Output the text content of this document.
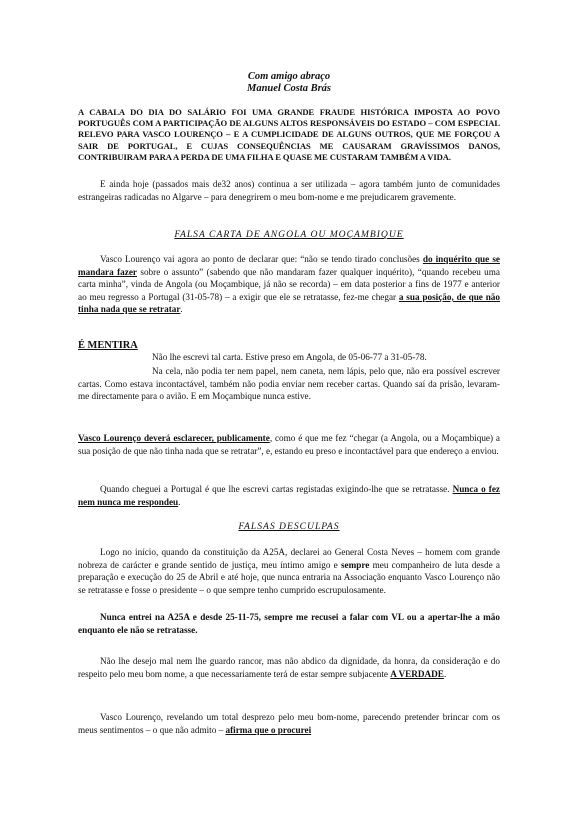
Com amigo abraço
Manuel Costa Brás

A CABALA DO DIA DO SALÁRIO FOI UMA GRANDE FRAUDE HISTÓRICA IMPOSTA AO POVO PORTUGUÊS COM A PARTICIPAÇÃO DE ALGUNS ALTOS RESPONSÁVEIS DO ESTADO – COM ESPECIAL RELEVO PARA VASCO LOURENÇO – E A CUMPLICIDADE DE ALGUNS OUTROS, QUE ME FORÇOU A SAIR DE PORTUGAL, E CUJAS CONSEQUÊNCIAS ME CAUSARAM GRAVÍSSIMOS DANOS, CONTRIBUIRAM PARA A PERDA DE UMA FILHA E QUASE ME CUSTARAM TAMBÉM A VIDA.

E ainda hoje (passados mais de32 anos) continua a ser utilizada – agora também junto de comunidades estrangeiras radicadas no Algarve – para denegrirem o meu bom-nome e me prejudicarem gravemente.

FALSA CARTA DE ANGOLA OU MOÇAMBIQUE

Vasco Lourenço vai agora ao ponto de declarar que: “não se tendo tirado conclusões do inquérito que se mandara fazer sobre o assunto” (sabendo que não mandaram fazer qualquer inquérito), “quando recebeu uma carta minha”, vinda de Angola (ou Moçambique, já não se recorda) – em data posterior a fins de 1977 e anterior ao meu regresso a Portugal (31-05-78) – a exigir que ele se retratasse, fez-me chegar a sua posição, de que não tinha nada que se retratar.

É MENTIRA

Não lhe escrevi tal carta. Estive preso em Angola, de 05-06-77 a 31-05-78.

Na cela, não podia ter nem papel, nem caneta, nem lápis, pelo que, não era possível escrever cartas. Como estava incontactável, também não podia enviar nem receber cartas. Quando saí da prisão, levaram-me directamente para o avião. E em Moçambique nunca estive.

Vasco Lourenço deverá esclarecer, publicamente, como é que me fez “chegar (a Angola, ou a Moçambique) a sua posição de que não tinha nada que se retratar”, e, estando eu preso e incontactável para que endereço a enviou.

Quando cheguei a Portugal é que lhe escrevi cartas registadas exigindo-lhe que se retratasse. Nunca o fez nem nunca me respondeu.

FALSAS DESCULPAS

Logo no início, quando da constituição da A25A, declarei ao General Costa Neves – homem com grande nobreza de carácter e grande sentido de justiça, meu íntimo amigo e sempre meu companheiro de luta desde a preparação e execução do 25 de Abril e até hoje, que nunca entraria na Associação enquanto Vasco Lourenço não se retratasse e fosse o presidente – o que sempre tenho cumprido escrupulosamente.

Nunca entrei na A25A e desde 25-11-75, sempre me recusei a falar com VL ou a apertar-lhe a mão enquanto ele não se retratasse.

Não lhe desejo mal nem lhe guardo rancor, mas não abdico da dignidade, da honra, da consideração e do respeito pelo meu bom nome, a que necessariamente terá de estar sempre subjacente A VERDADE.

Vasco Lourenço, revelando um total desprezo pelo meu bom-nome, parecendo pretender brincar com os meus sentimentos – o que não admito – afirma que o procurei
